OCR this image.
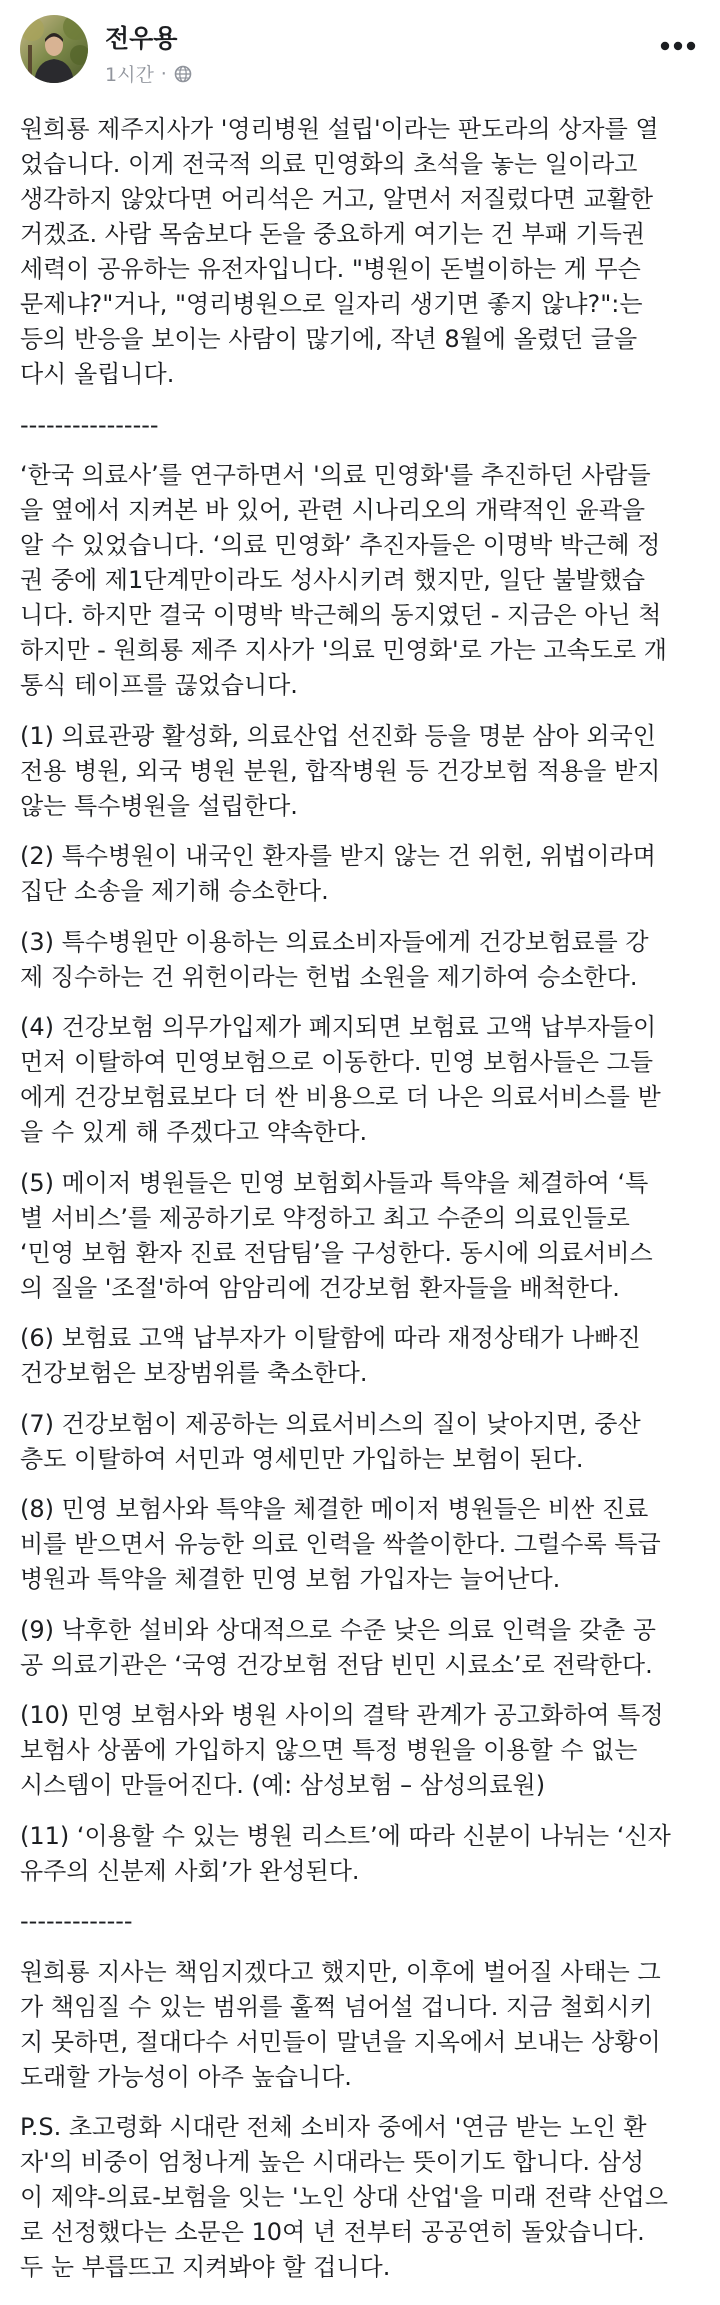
전우용
1시간 ·
원희룡 제주지사가 '영리병원 설립'이라는 판도라의 상자를 열
었습니다. 이게 전국적 의료 민영화의 초석을 놓는 일이라고
생각하지 않았다면 어리석은 거고, 알면서 저질렀다면 교활한
거겠죠. 사람 목숨보다 돈을 중요하게 여기는 건 부패 기득권
세력이 공유하는 유전자입니다. "병원이 돈벌이하는 게 무슨
문제냐?"거나, "영리병원으로 일자리 생기면 좋지 않냐?":는
등의 반응을 보이는 사람이 많기에, 작년 8월에 올렸던 글을
다시 올립니다.
----------------
‘한국 의료사’를 연구하면서 '의료 민영화'를 추진하던 사람들
을 옆에서 지켜본 바 있어, 관련 시나리오의 개략적인 윤곽을
알 수 있었습니다. ‘의료 민영화’ 추진자들은 이명박 박근혜 정
권 중에 제1단계만이라도 성사시키려 했지만, 일단 불발했습
니다. 하지만 결국 이명박 박근혜의 동지였던 - 지금은 아닌 척
하지만 - 원희룡 제주 지사가 '의료 민영화'로 가는 고속도로 개
통식 테이프를 끊었습니다.
(1) 의료관광 활성화, 의료산업 선진화 등을 명분 삼아 외국인
전용 병원, 외국 병원 분원, 합작병원 등 건강보험 적용을 받지
않는 특수병원을 설립한다.
(2) 특수병원이 내국인 환자를 받지 않는 건 위헌, 위법이라며
집단 소송을 제기해 승소한다.
(3) 특수병원만 이용하는 의료소비자들에게 건강보험료를 강
제 징수하는 건 위헌이라는 헌법 소원을 제기하여 승소한다.
(4) 건강보험 의무가입제가 폐지되면 보험료 고액 납부자들이
먼저 이탈하여 민영보험으로 이동한다. 민영 보험사들은 그들
에게 건강보험료보다 더 싼 비용으로 더 나은 의료서비스를 받
을 수 있게 해 주겠다고 약속한다.
(5) 메이저 병원들은 민영 보험회사들과 특약을 체결하여 ‘특
별 서비스’를 제공하기로 약정하고 최고 수준의 의료인들로
‘민영 보험 환자 진료 전담팀’을 구성한다. 동시에 의료서비스
의 질을 '조절'하여 암암리에 건강보험 환자들을 배척한다.
(6) 보험료 고액 납부자가 이탈함에 따라 재정상태가 나빠진
건강보험은 보장범위를 축소한다.
(7) 건강보험이 제공하는 의료서비스의 질이 낮아지면, 중산
층도 이탈하여 서민과 영세민만 가입하는 보험이 된다.
(8) 민영 보험사와 특약을 체결한 메이저 병원들은 비싼 진료
비를 받으면서 유능한 의료 인력을 싹쓸이한다. 그럴수록 특급
병원과 특약을 체결한 민영 보험 가입자는 늘어난다.
(9) 낙후한 설비와 상대적으로 수준 낮은 의료 인력을 갖춘 공
공 의료기관은 ‘국영 건강보험 전담 빈민 시료소’로 전락한다.
(10) 민영 보험사와 병원 사이의 결탁 관계가 공고화하여 특정
보험사 상품에 가입하지 않으면 특정 병원을 이용할 수 없는
시스템이 만들어진다. (예: 삼성보험 – 삼성의료원)
(11) ‘이용할 수 있는 병원 리스트’에 따라 신분이 나뉘는 ‘신자
유주의 신분제 사회’가 완성된다.
-------------
원희룡 지사는 책임지겠다고 했지만, 이후에 벌어질 사태는 그
가 책임질 수 있는 범위를 훌쩍 넘어설 겁니다. 지금 철회시키
지 못하면, 절대다수 서민들이 말년을 지옥에서 보내는 상황이
도래할 가능성이 아주 높습니다.
P.S. 초고령화 시대란 전체 소비자 중에서 '연금 받는 노인 환
자'의 비중이 엄청나게 높은 시대라는 뜻이기도 합니다. 삼성
이 제약-의료-보험을 잇는 '노인 상대 산업'을 미래 전략 산업으
로 선정했다는 소문은 10여 년 전부터 공공연히 돌았습니다.
두 눈 부릅뜨고 지켜봐야 할 겁니다.
